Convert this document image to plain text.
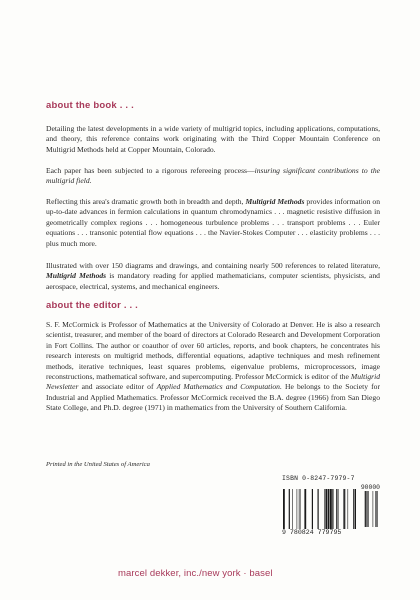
about the book . . .

Detailing the latest developments in a wide variety of multigrid topics, including applications, computations, and theory, this reference contains work originating with the Third Copper Mountain Conference on Multigrid Methods held at Copper Mountain, Colorado.

Each paper has been subjected to a rigorous refereeing process—insuring significant contributions to the multigrid field.

Reflecting this area's dramatic growth both in breadth and depth, Multigrid Methods provides information on up-to-date advances in fermion calculations in quantum chromodynamics . . . magnetic resistive diffusion in geometrically complex regions . . . homogeneous turbulence problems . . . transport problems . . . Euler equations . . . transonic potential flow equations . . . the Navier-Stokes Computer . . . elasticity problems . . . plus much more.

Illustrated with over 150 diagrams and drawings, and containing nearly 500 references to related literature, Multigrid Methods is mandatory reading for applied mathematicians, computer scientists, physicists, and aerospace, electrical, systems, and mechanical engineers.

about the editor . . .

S. F. McCormick is Professor of Mathematics at the University of Colorado at Denver. He is also a research scientist, treasurer, and member of the board of directors at Colorado Research and Development Corporation in Fort Collins. The author or coauthor of over 60 articles, reports, and book chapters, he concentrates his research interests on multigrid methods, differential equations, adaptive techniques and mesh refinement methods, iterative techniques, least squares problems, eigenvalue problems, microprocessors, image reconstructions, mathematical software, and supercomputing. Professor McCormick is editor of the Multigrid Newsletter and associate editor of Applied Mathematics and Computation. He belongs to the Society for Industrial and Applied Mathematics. Professor McCormick received the B.A. degree (1966) from San Diego State College, and Ph.D. degree (1971) in mathematics from the University of Southern California.

Printed in the United States of America
ISBN 0-8247-7979-7
90000
9 780824 779795
marcel dekker, inc./new york · basel
